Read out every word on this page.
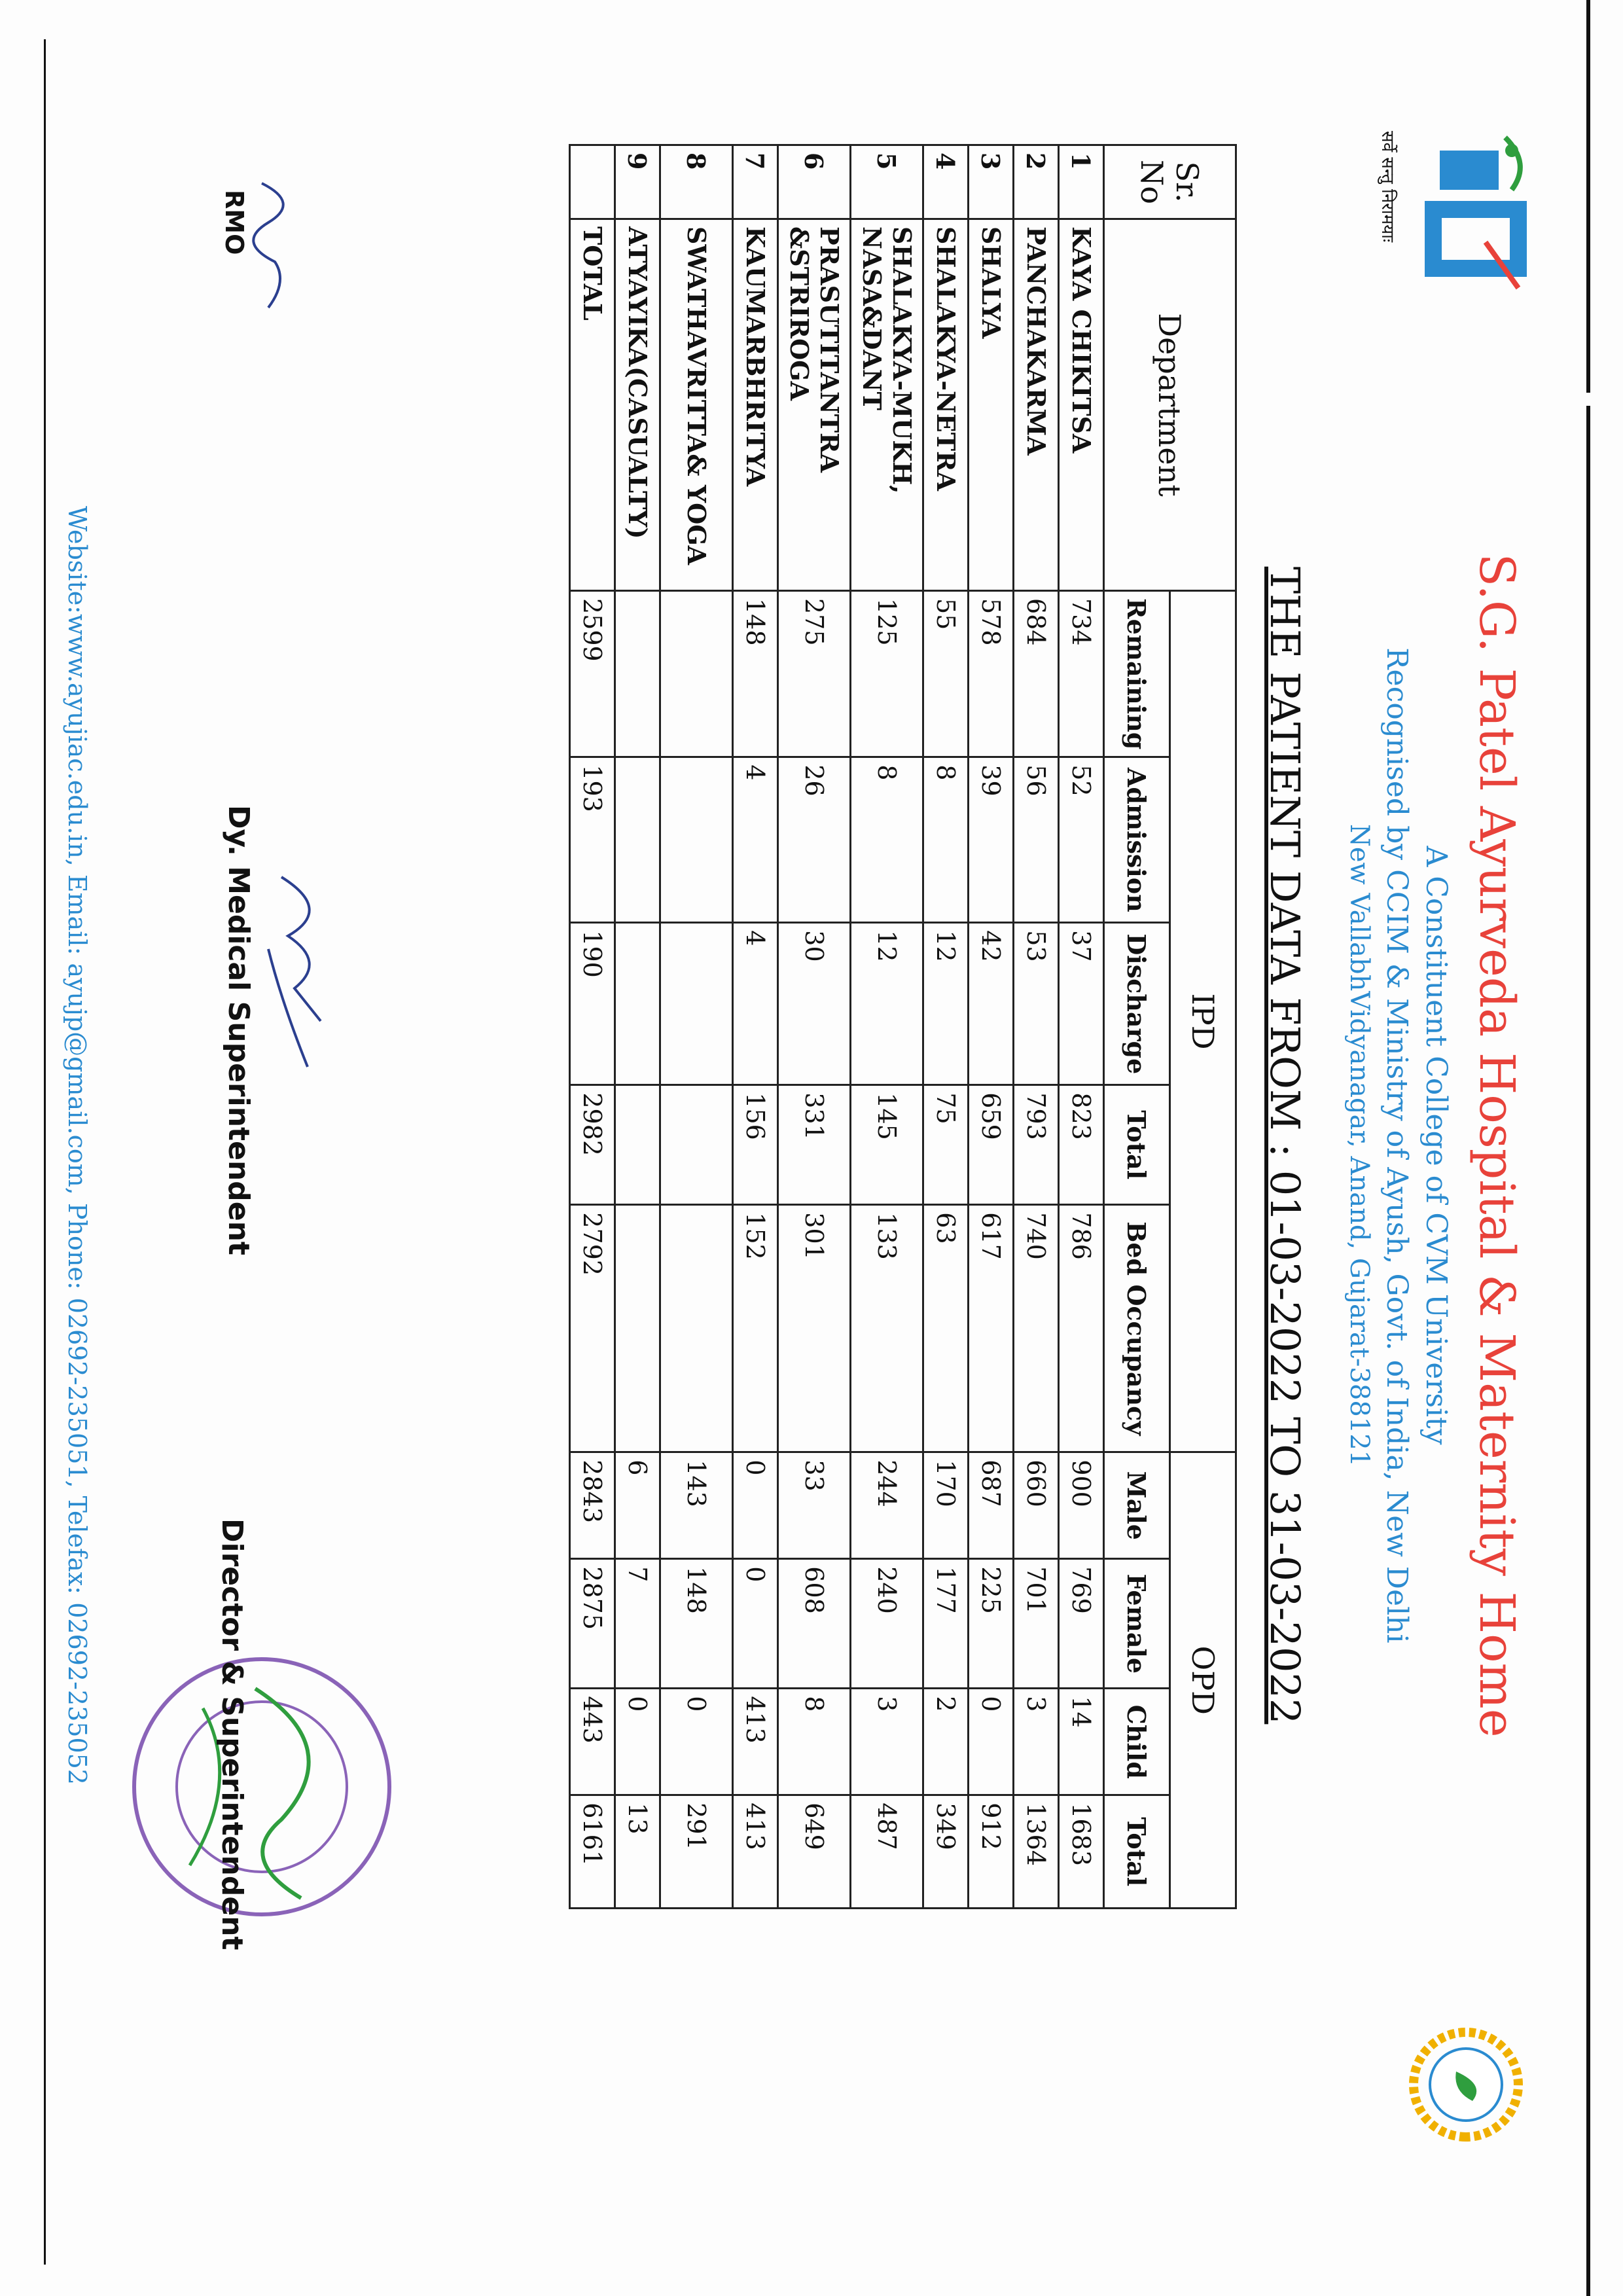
सर्वे सन्तु निरामयाः
S.G. Patel Ayurveda Hospital & Maternity Home
A Constituent College of CVM University
Recognised by CCIM & Ministry of Ayush, Govt. of India, New Delhi
New VallabhVidyanagar, Anand, Gujarat-388121
THE PATIENT DATA FROM : 01-03-2022 TO 31-03-2022
Sr. No	Department	IPD					OPD			
		Remaining	Admission	Discharge	Total	Bed Occupancy	Male	Female	Child	Total
1	KAYA CHIKITSA	734	52	37	823	786	900	769	14	1683
2	PANCHAKARMA	684	56	53	793	740	660	701	3	1364
3	SHALYA	578	39	42	659	617	687	225	0	912
4	SHALAKYA-NETRA	55	8	12	75	63	170	177	2	349
5	SHALAKYA-MUKH, NASA&DANT	125	8	12	145	133	244	240	3	487
6	PRASUTITANTRA &STRIROGA	275	26	30	331	301	33	608	8	649
7	KAUMARBHRITYA	148	4	4	156	152	0	0	413	413
8	SWATHAVRITTA& YOGA						143	148	0	291
9	ATYAYIKA(CASUALTY)						6	7	0	13
	TOTAL	2599	193	190	2982	2792	2843	2875	443	6161
RMO
Dy. Medical Superintendent
Director & Superintendent
Website:www.ayujiac.edu.in, Email: ayujp@gmail.com, Phone: 02692-235051, Telefax: 02692-235052
